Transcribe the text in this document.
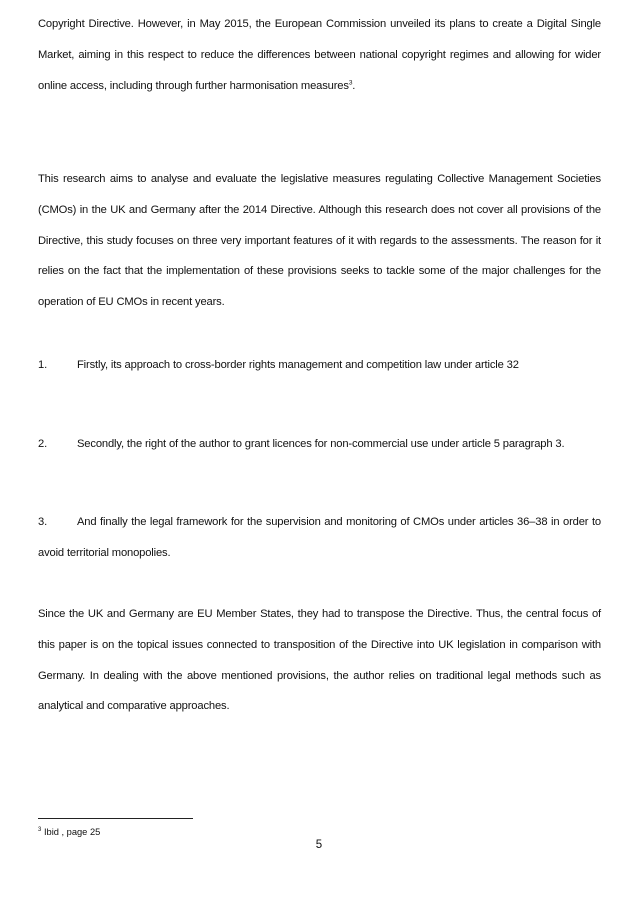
Copyright Directive. However, in May 2015, the European Commission unveiled its plans to create a Digital Single Market, aiming in this respect to reduce the differences between national copyright regimes and allowing for wider online access, including through further harmonisation measures$^3$.

This research aims to analyse and evaluate the legislative measures regulating Collective Management Societies (CMOs) in the UK and Germany after the 2014 Directive. Although this research does not cover all provisions of the Directive, this study focuses on three very important features of it with regards to the assessments. The reason for it relies on the fact that the implementation of these provisions seeks to tackle some of the major challenges for the operation of EU CMOs in recent years.

1.	Firstly, its approach to cross-border rights management and competition law under article 32
2.	Secondly, the right of the author to grant licences for non-commercial use under article 5 paragraph 3.
3.	And finally the legal framework for the supervision and monitoring of CMOs under articles 36–38 in order to avoid territorial monopolies.

Since the UK and Germany are EU Member States, they had to transpose the Directive. Thus, the central focus of this paper is on the topical issues connected to transposition of the Directive into UK legislation in comparison with Germany. In dealing with the above mentioned provisions, the author relies on traditional legal methods such as analytical and comparative approaches.

$^3$ Ibid , page 25
5
